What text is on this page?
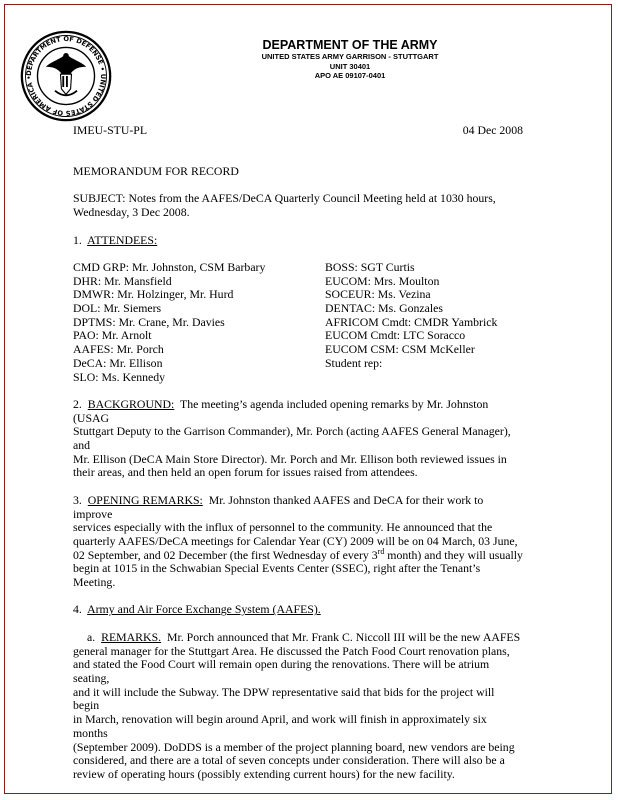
DEPARTMENT OF DEFENSE • UNITED STATES OF AMERICA •
DEPARTMENT OF THE ARMY
UNITED STATES ARMY GARRISON - STUTTGART
UNIT 30401
APO AE 09107-0401
IMEU-STU-PL	04 Dec 2008

MEMORANDUM FOR RECORD

SUBJECT: Notes from the AAFES/DeCA Quarterly Council Meeting held at 1030 hours,

Wednesday, 3 Dec 2008.

1. ATTENDEES:

CMD GRP: Mr. Johnston, CSM Barbary

DHR: Mr. Mansfield

DMWR: Mr. Holzinger, Mr. Hurd

DOL: Mr. Siemers

DPTMS: Mr. Crane, Mr. Davies

PAO: Mr. Arnolt

AAFES: Mr. Porch

DeCA: Mr. Ellison

SLO: Ms. Kennedy

BOSS: SGT Curtis

EUCOM: Mrs. Moulton

SOCEUR: Ms. Vezina

DENTAC: Ms. Gonzales

AFRICOM Cmdt: CMDR Yambrick

EUCOM Cmdt: LTC Soracco

EUCOM CSM: CSM McKeller

Student rep:

2. BACKGROUND: The meeting’s agenda included opening remarks by Mr. Johnston (USAG

Stuttgart Deputy to the Garrison Commander), Mr. Porch (acting AAFES General Manager), and

Mr. Ellison (DeCA Main Store Director). Mr. Porch and Mr. Ellison both reviewed issues in

their areas, and then held an open forum for issues raised from attendees.

3. OPENING REMARKS: Mr. Johnston thanked AAFES and DeCA for their work to improve

services especially with the influx of personnel to the community. He announced that the

quarterly AAFES/DeCA meetings for Calendar Year (CY) 2009 will be on 04 March, 03 June,

02 September, and 02 December (the first Wednesday of every 3rd month) and they will usually

begin at 1015 in the Schwabian Special Events Center (SSEC), right after the Tenant’s Meeting.

4. Army and Air Force Exchange System (AAFES).

a. REMARKS. Mr. Porch announced that Mr. Frank C. Niccoll III will be the new AAFES

general manager for the Stuttgart Area. He discussed the Patch Food Court renovation plans,

and stated the Food Court will remain open during the renovations. There will be atrium seating,

and it will include the Subway. The DPW representative said that bids for the project will begin

in March, renovation will begin around April, and work will finish in approximately six months

(September 2009). DoDDS is a member of the project planning board, new vendors are being

considered, and there are a total of seven concepts under consideration. There will also be a

review of operating hours (possibly extending current hours) for the new facility.
